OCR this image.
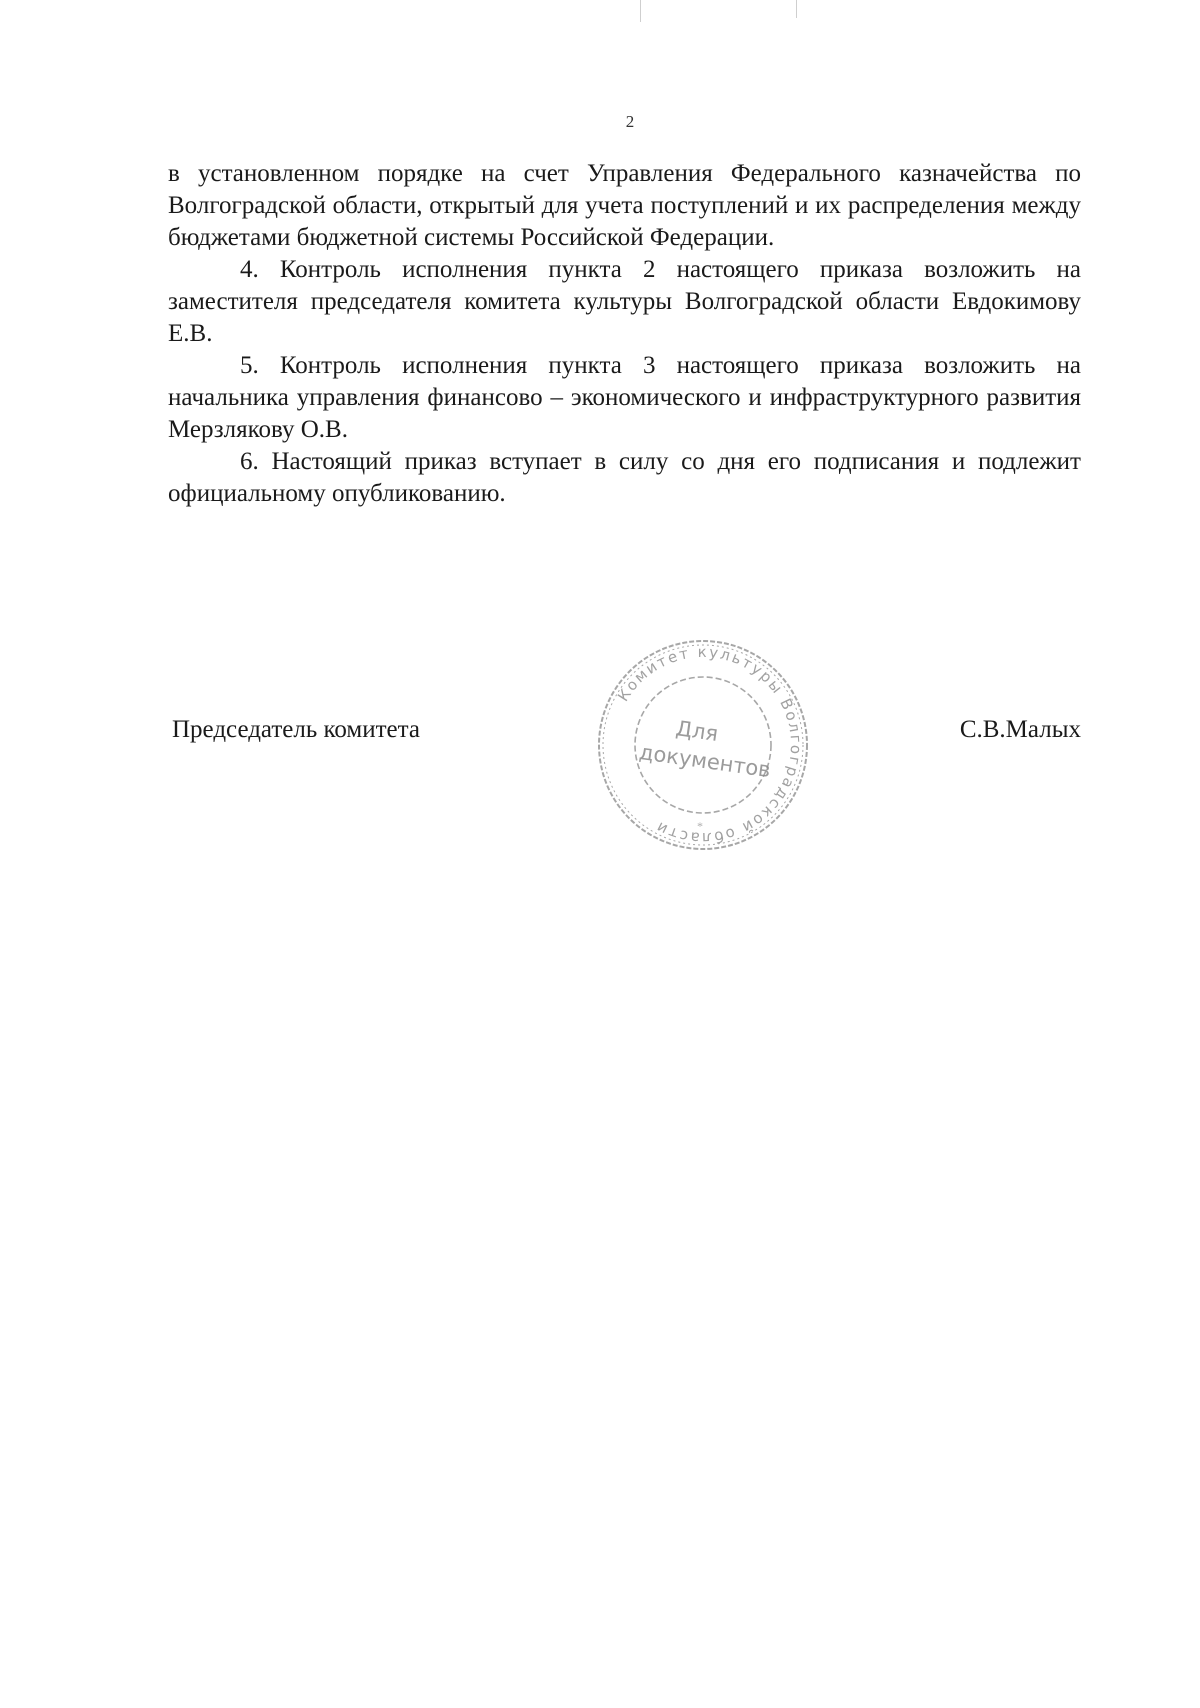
2

в установленном порядке на счет Управления Федерального казначейства по Волгоградской области, открытый для учета поступлений и их распределения между бюджетами бюджетной системы Российской Федерации.

4. Контроль исполнения пункта 2 настоящего приказа возложить на заместителя председателя комитета культуры Волгоградской области Евдокимову Е.В.

5. Контроль исполнения пункта 3 настоящего приказа возложить на начальника управления финансово – экономического и инфраструктурного развития Мерзлякову О.В.

6. Настоящий приказ вступает в силу со дня его подписания и подлежит официальному опубликованию.

Председатель комитета	С.В.Малых
Комитет культуры Волгоградской области
Для
документов
*
